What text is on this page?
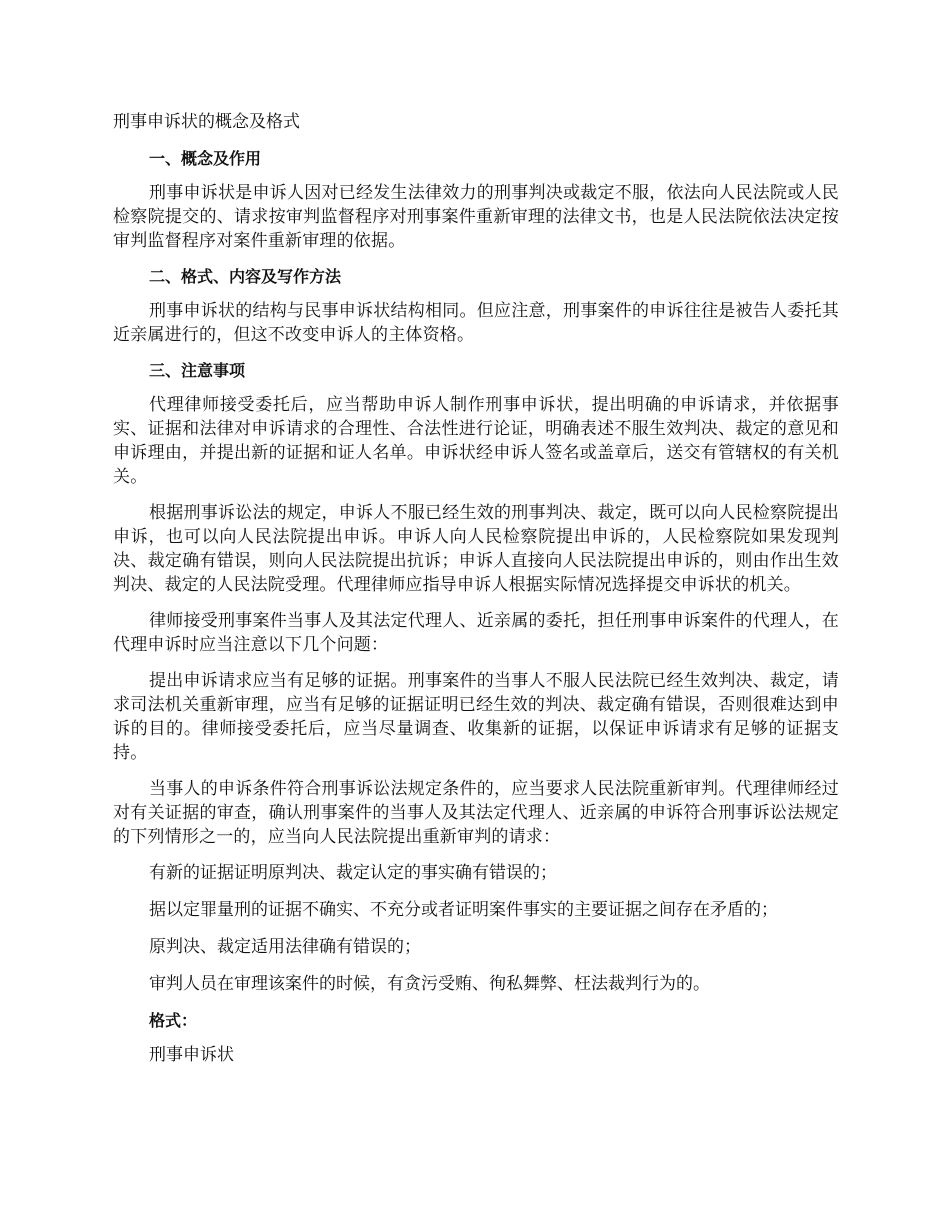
刑事申诉状的概念及格式
一、概念及作用

刑事申诉状是申诉人因对已经发生法律效力的刑事判决或裁定不服，依法向人民法院或人民检察院提交的、请求按审判监督程序对刑事案件重新审理的法律文书，也是人民法院依法决定按审判监督程序对案件重新审理的依据。

二、格式、内容及写作方法

刑事申诉状的结构与民事申诉状结构相同。但应注意，刑事案件的申诉往往是被告人委托其近亲属进行的，但这不改变申诉人的主体资格。

三、注意事项

代理律师接受委托后，应当帮助申诉人制作刑事申诉状，提出明确的申诉请求，并依据事实、证据和法律对申诉请求的合理性、合法性进行论证，明确表述不服生效判决、裁定的意见和申诉理由，并提出新的证据和证人名单。申诉状经申诉人签名或盖章后，送交有管辖权的有关机关。

根据刑事诉讼法的规定，申诉人不服已经生效的刑事判决、裁定，既可以向人民检察院提出申诉，也可以向人民法院提出申诉。申诉人向人民检察院提出申诉的，人民检察院如果发现判决、裁定确有错误，则向人民法院提出抗诉；申诉人直接向人民法院提出申诉的，则由作出生效判决、裁定的人民法院受理。代理律师应指导申诉人根据实际情况选择提交申诉状的机关。

律师接受刑事案件当事人及其法定代理人、近亲属的委托，担任刑事申诉案件的代理人，在代理申诉时应当注意以下几个问题：

提出申诉请求应当有足够的证据。刑事案件的当事人不服人民法院已经生效判决、裁定，请求司法机关重新审理，应当有足够的证据证明已经生效的判决、裁定确有错误，否则很难达到申诉的目的。律师接受委托后，应当尽量调查、收集新的证据，以保证申诉请求有足够的证据支持。

当事人的申诉条件符合刑事诉讼法规定条件的，应当要求人民法院重新审判。代理律师经过对有关证据的审查，确认刑事案件的当事人及其法定代理人、近亲属的申诉符合刑事诉讼法规定的下列情形之一的，应当向人民法院提出重新审判的请求：

有新的证据证明原判决、裁定认定的事实确有错误的；
据以定罪量刑的证据不确实、不充分或者证明案件事实的主要证据之间存在矛盾的；
原判决、裁定适用法律确有错误的；
审判人员在审理该案件的时候，有贪污受贿、徇私舞弊、枉法裁判行为的。
格式：
刑事申诉状
